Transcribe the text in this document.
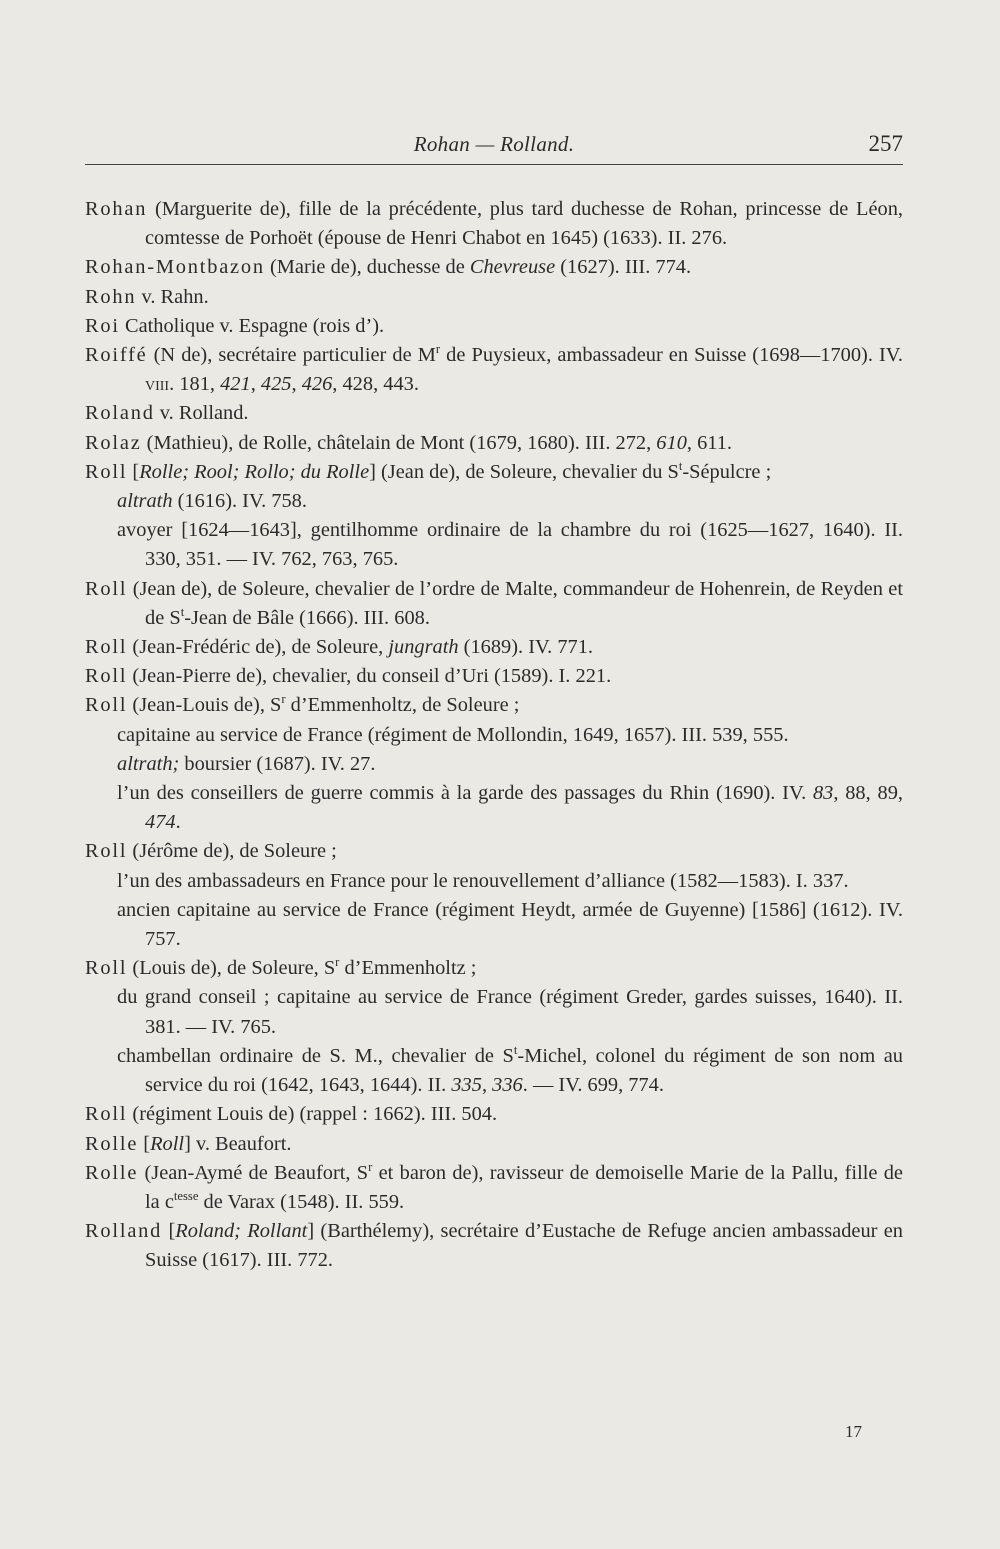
Rohan — Rolland.	257
Rohan (Marguerite de), fille de la précédente, plus tard duchesse de Rohan, princesse de Léon, comtesse de Porhoët (épouse de Henri Chabot en 1645) (1633). II. 276.
Rohan-Montbazon (Marie de), duchesse de Chevreuse (1627). III. 774.
Rohn v. Rahn.
Roi Catholique v. Espagne (rois d’).
Roiffé (N de), secrétaire particulier de $M^r$ de Puysieux, ambassadeur en Suisse (1698—1700). IV. viii. 181, 421, 425, 426, 428, 443.
Roland v. Rolland.
Rolaz (Mathieu), de Rolle, châtelain de Mont (1679, 1680). III. 272, 610, 611.
Roll [Rolle; Rool; Rollo; du Rolle] (Jean de), de Soleure, chevalier du $S^t$-Sépulcre ;
altrath (1616). IV. 758.
avoyer [1624—1643], gentilhomme ordinaire de la chambre du roi (1625—1627, 1640). II. 330, 351. — IV. 762, 763, 765.
Roll (Jean de), de Soleure, chevalier de l’ordre de Malte, commandeur de Hohenrein, de Reyden et de $S^t$-Jean de Bâle (1666). III. 608.
Roll (Jean-Frédéric de), de Soleure, jungrath (1689). IV. 771.
Roll (Jean-Pierre de), chevalier, du conseil d’Uri (1589). I. 221.
Roll (Jean-Louis de), $S^r$ d’Emmenholtz, de Soleure ;
capitaine au service de France (régiment de Mollondin, 1649, 1657). III. 539, 555.
altrath; boursier (1687). IV. 27.
l’un des conseillers de guerre commis à la garde des passages du Rhin (1690). IV. 83, 88, 89, 474.
Roll (Jérôme de), de Soleure ;
l’un des ambassadeurs en France pour le renouvellement d’alliance (1582—1583). I. 337.
ancien capitaine au service de France (régiment Heydt, armée de Guyenne) [1586] (1612). IV. 757.
Roll (Louis de), de Soleure, $S^r$ d’Emmenholtz ;
du grand conseil ; capitaine au service de France (régiment Greder, gardes suisses, 1640). II. 381. — IV. 765.
chambellan ordinaire de S. M., chevalier de $S^t$-Michel, colonel du régiment de son nom au service du roi (1642, 1643, 1644). II. 335, 336. — IV. 699, 774.
Roll (régiment Louis de) (rappel : 1662). III. 504.
Rolle [Roll] v. Beaufort.
Rolle (Jean-Aymé de Beaufort, $S^r$ et baron de), ravisseur de demoiselle Marie de la Pallu, fille de la $c^{tesse}$ de Varax (1548). II. 559.
Rolland [Roland; Rollant] (Barthélemy), secrétaire d’Eustache de Refuge ancien ambassadeur en Suisse (1617). III. 772.
17
